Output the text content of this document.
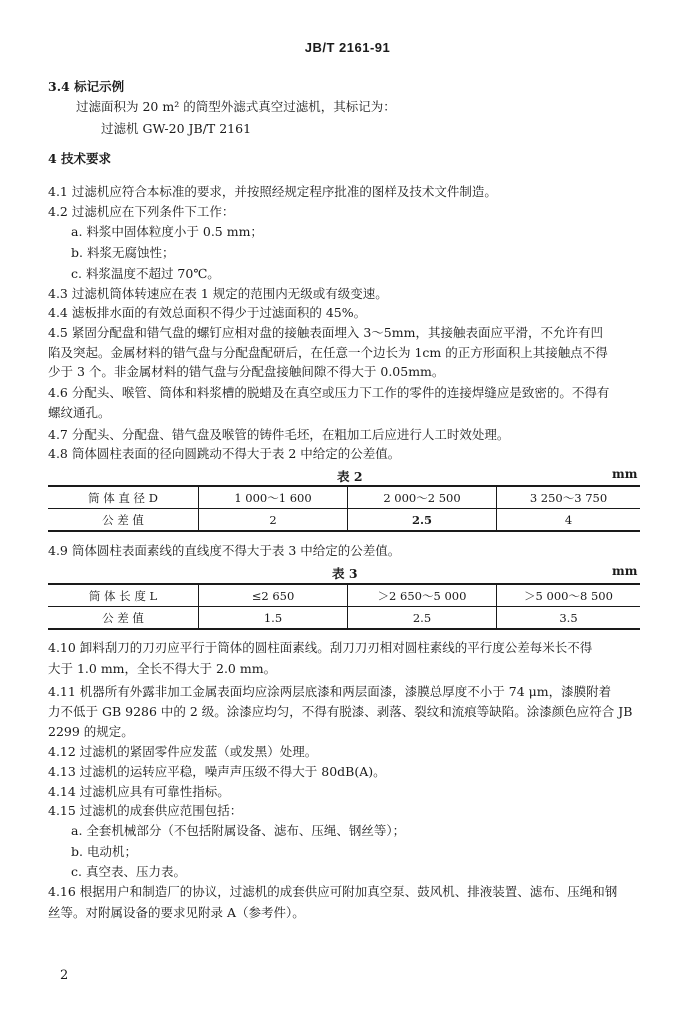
JB/T 2161-91
3.4 标记示例
过滤面积为 20 m² 的筒型外滤式真空过滤机，其标记为：
过滤机 GW-20 JB/T 2161
4 技术要求
4.1 过滤机应符合本标准的要求，并按照经规定程序批准的图样及技术文件制造。
4.2 过滤机应在下列条件下工作：
a. 料浆中固体粒度小于 0.5 mm；
b. 料浆无腐蚀性；
c. 料浆温度不超过 70℃。
4.3 过滤机筒体转速应在表 1 规定的范围内无级或有级变速。
4.4 滤板排水面的有效总面积不得少于过滤面积的 45%。
4.5 紧固分配盘和错气盘的螺钉应相对盘的接触表面埋入 3～5mm，其接触表面应平滑，不允许有凹
陷及突起。金属材料的错气盘与分配盘配研后，在任意一个边长为 1cm 的正方形面积上其接触点不得
少于 3 个。非金属材料的错气盘与分配盘接触间隙不得大于 0.05mm。
4.6 分配头、喉管、筒体和料浆槽的脱蜡及在真空或压力下工作的零件的连接焊缝应是致密的。不得有
螺纹通孔。
4.7 分配头、分配盘、错气盘及喉管的铸件毛坯，在粗加工后应进行人工时效处理。
4.8 筒体圆柱表面的径向圆跳动不得大于表 2 中给定的公差值。
表 2	mm
筒 体 直 径 D	1 000～1 600	2 000～2 500	3 250～3 750
公 差 值	2	2.5	4
4.9 筒体圆柱表面素线的直线度不得大于表 3 中给定的公差值。
表 3	mm
筒 体 长 度 L	≤2 650	＞2 650～5 000	＞5 000～8 500
公 差 值	1.5	2.5	3.5
4.10 卸料刮刀的刀刃应平行于筒体的圆柱面素线。刮刀刀刃相对圆柱素线的平行度公差每米长不得
大于 1.0 mm，全长不得大于 2.0 mm。
4.11 机器所有外露非加工金属表面均应涂两层底漆和两层面漆，漆膜总厚度不小于 74 μm，漆膜附着
力不低于 GB 9286 中的 2 级。涂漆应均匀，不得有脱漆、剥落、裂纹和流痕等缺陷。涂漆颜色应符合 JB
2299 的规定。
4.12 过滤机的紧固零件应发蓝（或发黑）处理。
4.13 过滤机的运转应平稳，噪声声压级不得大于 80dB(A)。
4.14 过滤机应具有可靠性指标。
4.15 过滤机的成套供应范围包括：
a. 全套机械部分（不包括附属设备、滤布、压绳、钢丝等）；
b. 电动机；
c. 真空表、压力表。
4.16 根据用户和制造厂的协议，过滤机的成套供应可附加真空泵、鼓风机、排液装置、滤布、压绳和钢
丝等。对附属设备的要求见附录 A（参考件）。
2
